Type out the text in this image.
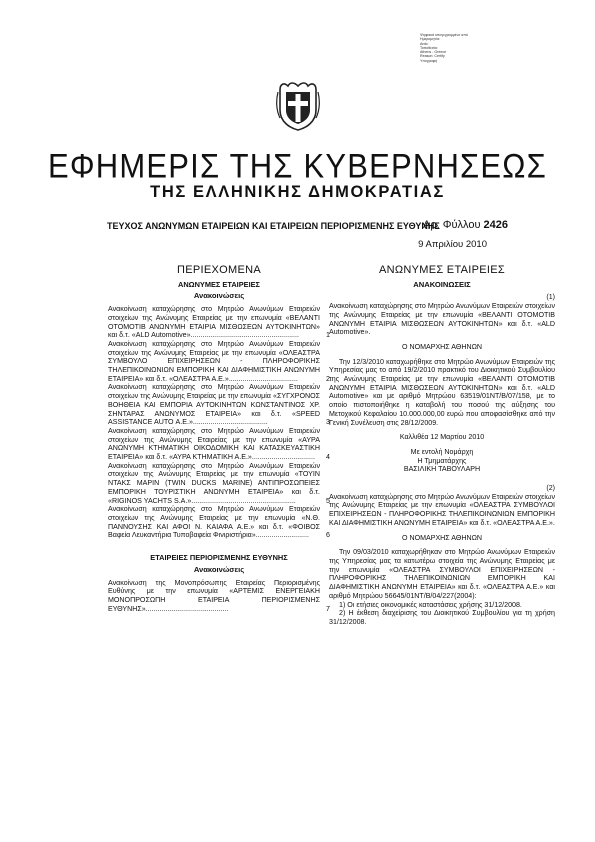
Ψηφιακά υπογεγραμμένο από
Ημερομηνία:
Αιτία:
Τοποθεσία:
Athens - Greece
Reason: Certify
Υπογραφή
ΕΦΗΜΕΡΙΣ ΤΗΣ ΚΥΒΕΡΝΗΣΕΩΣ
ΤΗΣ ΕΛΛΗΝΙΚΗΣ ΔΗΜΟΚΡΑΤΙΑΣ
ΤΕΥΧΟΣ ΑΝΩΝΥΜΩΝ ΕΤΑΙΡΕΙΩΝ ΚΑΙ ΕΤΑΙΡΕΙΩΝ ΠΕΡΙΟΡΙΣΜΕΝΗΣ ΕΥΘΥΝΗΣ
Αρ. Φύλλου 2426
9 Απριλίου 2010
ΠΕΡΙΕΧΟΜΕΝΑ
ΑΝΩΝΥΜΕΣ ΕΤΑΙΡΕΙΕΣ
Ανακοινώσεις
Ανακοίνωση καταχώρησης στο Μητρώο Ανωνύμων Εταιρειών στοιχείων της Ανώνυμης Εταιρείας με την επωνυμία «ΒΕΛΑΝΤΙ ΟΤΟΜΟΤΙΒ ΑΝΩΝΥΜΗ ΕΤΑΙΡΙΑ ΜΙΣΘΩΣΕΩΝ ΑΥΤΟΚΙΝΗΤΩΝ» και δ.τ. «ALD Automotive».......................................................	1
Ανακοίνωση καταχώρησης στο Μητρώο Ανωνύμων Εταιρειών στοιχείων της Ανώνυμης Εταιρείας με την επωνυμία «ΟΛΕΑΣΤΡΑ ΣΥΜΒΟΥΛΟ ΕΠΙΧΕΙΡΗΣΕΩΝ - ΠΛΗΡΟΦΟΡΙΚΗΣ ΤΗΛΕΠΙΚΟΙΝΩΝΙΩΝ ΕΜΠΟΡΙΚΗ ΚΑΙ ΔΙΑΦΗΜΙΣΤΙΚΗ ΑΝΩΝΥΜΗ ΕΤΑΙΡΕΙΑ» και δ.τ. «ΟΛΕΑΣΤΡΑ Α.Ε.»...................................	2
Ανακοίνωση καταχώρησης στο Μητρώο Ανωνύμων Εταιρειών στοιχείων της Ανώνυμης Εταιρείας με την επωνυμία «ΣΥΓΧΡΟΝΟΣ ΒΟΗΘΕΙΑ ΚΑΙ ΕΜΠΟΡΙΑ ΑΥΤΟΚΙΝΗΤΩΝ ΚΩΝΣΤΑΝΤΙΝΟΣ ΧΡ. ΣΗΝΤΑΡΑΣ ΑΝΩΝΥΜΟΣ ΕΤΑΙΡΕΙΑ» και δ.τ. «SPEED ASSISTANCE AUTO Α.Ε.»......................................	3
Ανακοίνωση καταχώρησης στο Μητρώο Ανωνύμων Εταιρειών στοιχείων της Ανώνυμης Εταιρείας με την επωνυμία «ΑΥΡΑ ΑΝΩΝΥΜΗ ΚΤΗΜΑΤΙΚΗ ΟΙΚΟΔΟΜΙΚΗ ΚΑΙ ΚΑΤΑΣΚΕΥΑΣΤΙΚΗ ΕΤΑΙΡΕΙΑ» και δ.τ. «ΑΥΡΑ ΚΤΗΜΑΤΙΚΗ Α.Ε.»................................ 4
Ανακοίνωση καταχώρησης στο Μητρώο Ανωνύμων Εταιρειών στοιχείων της Ανώνυμης Εταιρείας με την επωνυμία «ΤΟΥΙΝ ΝΤΑΚΣ ΜΑΡΙΝ (TWIN DUCKS MARINE) ΑΝΤΙΠΡΟΣΩΠΕΙΕΣ ΕΜΠΟΡΙΚΗ ΤΟΥΡΙΣΤΙΚΗ ΑΝΩΝΥΜΗ ΕΤΑΙΡΕΙΑ» και δ.τ. «RIGINOS YACHTS S.A.».....................................................	5
Ανακοίνωση καταχώρησης στο Μητρώο Ανωνύμων Εταιρειών στοιχείων της Ανώνυμης Εταιρείας με την επωνυμία «Ν.Θ. ΠΑΝΝΟΥΣΗΣ ΚΑΙ ΑΦΟΙ Ν. ΚΑΙΑΦΑ Α.Ε.» και δ.τ. «ΦΟΙΒΟΣ Βαφεία Λευκαντήρια Τυποβαφεία Φινιριστήρια»........................... 6
ΕΤΑΙΡΕΙΕΣ ΠΕΡΙΟΡΙΣΜΕΝΗΣ ΕΥΘΥΝΗΣ
Ανακοινώσεις
Ανακοίνωση της Μονοπρόσωπης Εταιρείας Περιορισμένης Ευθύνης με την επωνυμία «ΑΡΤΕΜΙΣ ΕΝΕΡΓΕΙΑΚΗ ΜΟΝΟΠΡΟΣΩΠΗ ΕΤΑΙΡΕΙΑ ΠΕΡΙΟΡΙΣΜΕΝΗΣ ΕΥΘΥΝΗΣ»..........................................	7
ΑΝΩΝΥΜΕΣ ΕΤΑΙΡΕΙΕΣ
ΑΝΑΚΟΙΝΩΣΕΙΣ

(1)

Ανακοίνωση καταχώρησης στο Μητρώο Ανωνύμων Εταιρειών στοιχείων της Ανώνυμης Εταιρείας με την επωνυμία «ΒΕΛΑΝΤΙ ΟΤΟΜΟΤΙΒ ΑΝΩΝΥΜΗ ΕΤΑΙΡΙΑ ΜΙΣΘΩΣΕΩΝ ΑΥΤΟΚΙΝΗΤΩΝ» και δ.τ. «ALD Automotive».

Ο ΝΟΜΑΡΧΗΣ ΑΘΗΝΩΝ

Την 12/3/2010 καταχωρήθηκε στο Μητρώο Ανωνύμων Εταιρειών της Υπηρεσίας μας το από 19/2/2010 πρακτικό του Διοικητικού Συμβουλίου της Ανώνυμης Εταιρείας με την επωνυμία «ΒΕΛΑΝΤΙ ΟΤΟΜΟΤΙΒ ΑΝΩΝΥΜΗ ΕΤΑΙΡΙΑ ΜΙΣΘΩΣΕΩΝ ΑΥΤΟΚΙΝΗΤΩΝ» και δ.τ. «ALD Automotive» και με αριθμό Μητρώου 63519/01ΝΤ/Β/07/158, με το οποίο πιστοποιήθηκε η καταβολή του ποσού της αύξησης του Μετοχικού Κεφαλαίου 10.000.000,00 ευρώ που αποφασίσθηκε από την Γενική Συνέλευση στις 28/12/2009.

Καλλιθέα 12 Μαρτίου 2010

Με εντολή Νομάρχη

Η Τμηματάρχης

ΒΑΣΙΛΙΚΗ ΤΑΒΟΥΛΑΡΗ

(2)

Ανακοίνωση καταχώρησης στο Μητρώο Ανωνύμων Εταιρειών στοιχείων της Ανώνυμης Εταιρείας με την επωνυμία «ΟΛΕΑΣΤΡΑ ΣΥΜΒΟΥΛΟΙ ΕΠΙΧΕΙΡΗΣΕΩΝ - ΠΛΗΡΟΦΟΡΙΚΗΣ ΤΗΛΕΠΙΚΟΙΝΩΝΙΩΝ ΕΜΠΟΡΙΚΗ ΚΑΙ ΔΙΑΦΗΜΙΣΤΙΚΗ ΑΝΩΝΥΜΗ ΕΤΑΙΡΕΙΑ» και δ.τ. «ΟΛΕΑΣΤΡΑ Α.Ε.».

Ο ΝΟΜΑΡΧΗΣ ΑΘΗΝΩΝ

Την 09/03/2010 καταχωρήθηκαν στο Μητρώο Ανωνύμων Εταιρειών της Υπηρεσίας μας τα κατωτέρω στοιχεία της Ανώνυμης Εταιρείας με την επωνυμία «ΟΛΕΑΣΤΡΑ ΣΥΜΒΟΥΛΟΙ ΕΠΙΧΕΙΡΗΣΕΩΝ - ΠΛΗΡΟΦΟΡΙΚΗΣ ΤΗΛΕΠΙΚΟΙΝΩΝΙΩΝ ΕΜΠΟΡΙΚΗ ΚΑΙ ΔΙΑΦΗΜΙΣΤΙΚΗ ΑΝΩΝΥΜΗ ΕΤΑΙΡΕΙΑ» και δ.τ. «ΟΛΕΑΣΤΡΑ Α.Ε.» και αριθμό Μητρώου 56645/01ΝΤ/Β/04/227(2004):

1) Οι ετήσιες οικονομικές καταστάσεις χρήσης 31/12/2008.

2) Η έκθεση διαχείρισης του Διοικητικού Συμβουλίου για τη χρήση 31/12/2008.
